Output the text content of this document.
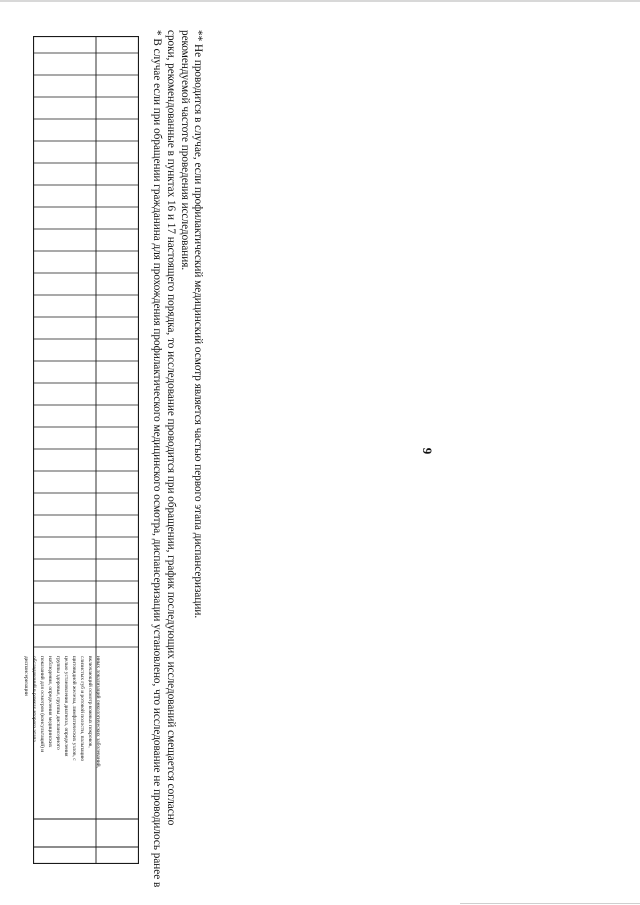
9
иных локализаций онкологических заболеваний,
включающий осмотр кожных покровов,
слизистых губ и ротовой полости, пальпацию
щитовидной железы, лимфатических узлов, с
целью установления диагноза, определения
группы здоровья, группы диспансерного
наблюдения, определения медицинских
показаний для осмотров (консультаций) и
обследований в рамках второго этапа
диспансеризации	* В случае если при обращении гражданина для прохождения профилактического медицинского осмотра, диспансеризации установлено, что исследование не проводилось ранее в сроки, рекомендованные в пунктах 16 и 17 настоящего порядка, то исследование проводится при обращении, график последующих исследований смещается согласно рекомендуемой частоте проведения исследования. ** Не проводится в случае, если профилактический медицинский осмотр является частью первого этапа диспансеризации.
